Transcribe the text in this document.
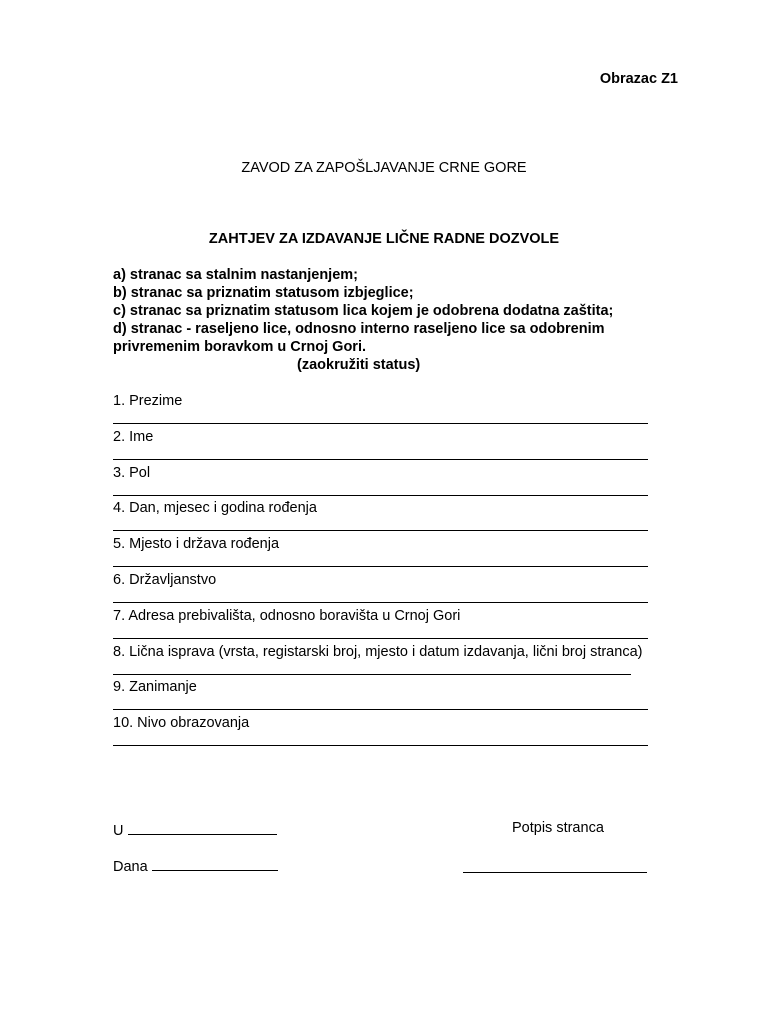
Obrazac Z1
ZAVOD ZA ZAPOŠLJAVANJE CRNE GORE
ZAHTJEV ZA IZDAVANJE LIČNE RADNE DOZVOLE
a) stranac sa stalnim nastanjenjem;
b) stranac sa priznatim statusom izbjeglice;
c) stranac sa priznatim statusom lica kojem je odobrena dodatna zaštita;
d) stranac - raseljeno lice, odnosno interno raseljeno lice sa odobrenim
privremenim boravkom u Crnoj Gori.
(zaokružiti status)
1. Prezime
2. Ime
3. Pol
4. Dan, mjesec i godina rođenja
5. Mjesto i država rođenja
6. Državljanstvo
7. Adresa prebivališta, odnosno boravišta u Crnoj Gori
8. Lična isprava (vrsta, registarski broj, mjesto i datum izdavanja, lični broj stranca)
9. Zanimanje
10. Nivo obrazovanja
U
Dana
Potpis stranca
